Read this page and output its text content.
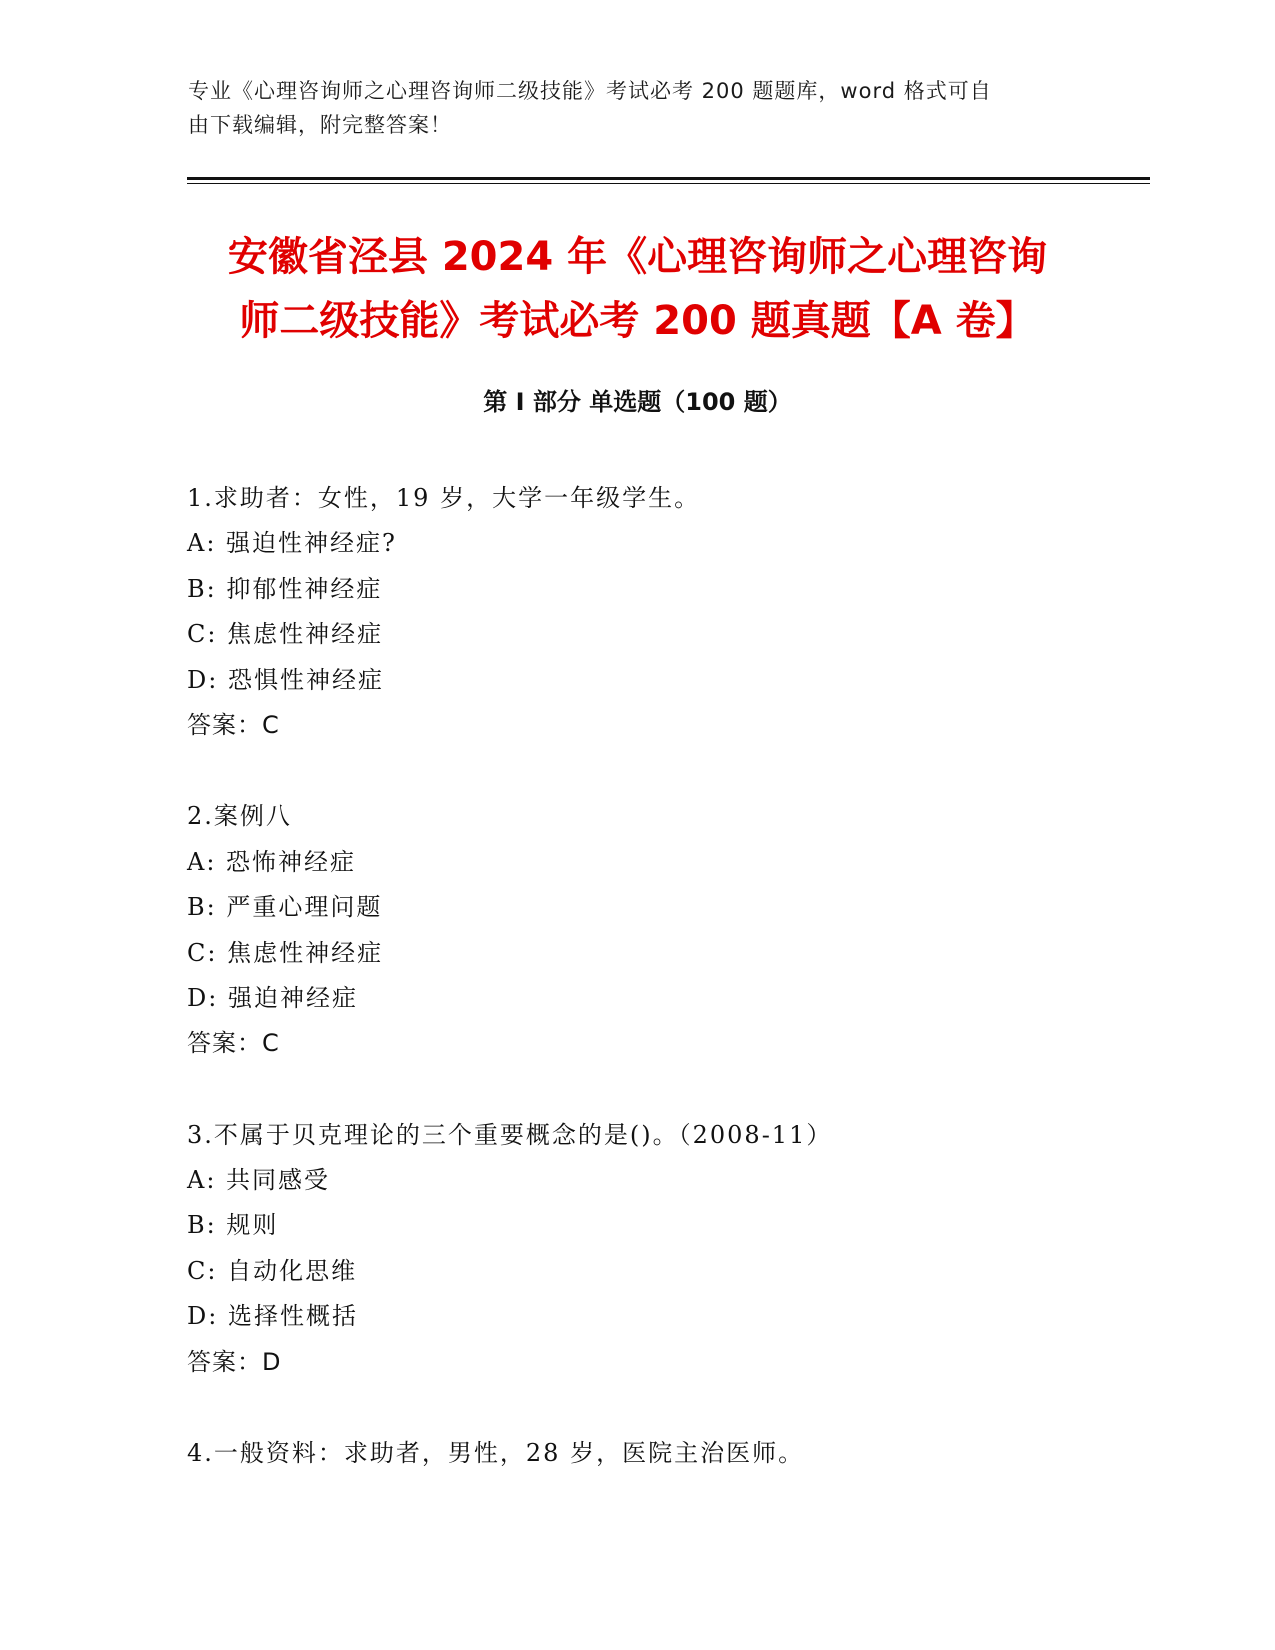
专业《心理咨询师之心理咨询师二级技能》考试必考 200 题题库，word 格式可自
由下载编辑，附完整答案！
安徽省泾县 2024 年《心理咨询师之心理咨询
师二级技能》考试必考 200 题真题【A 卷】
第 I 部分 单选题（100 题）
1.求助者：女性，19 岁，大学一年级学生。
A: 强迫性神经症?
B: 抑郁性神经症
C: 焦虑性神经症
D: 恐惧性神经症
答案：C
2.案例八
A: 恐怖神经症
B: 严重心理问题
C: 焦虑性神经症
D: 强迫神经症
答案：C
3.不属于贝克理论的三个重要概念的是()。（2008-11）
A: 共同感受
B: 规则
C: 自动化思维
D: 选择性概括
答案：D
4.一般资料：求助者，男性，28 岁，医院主治医师。
